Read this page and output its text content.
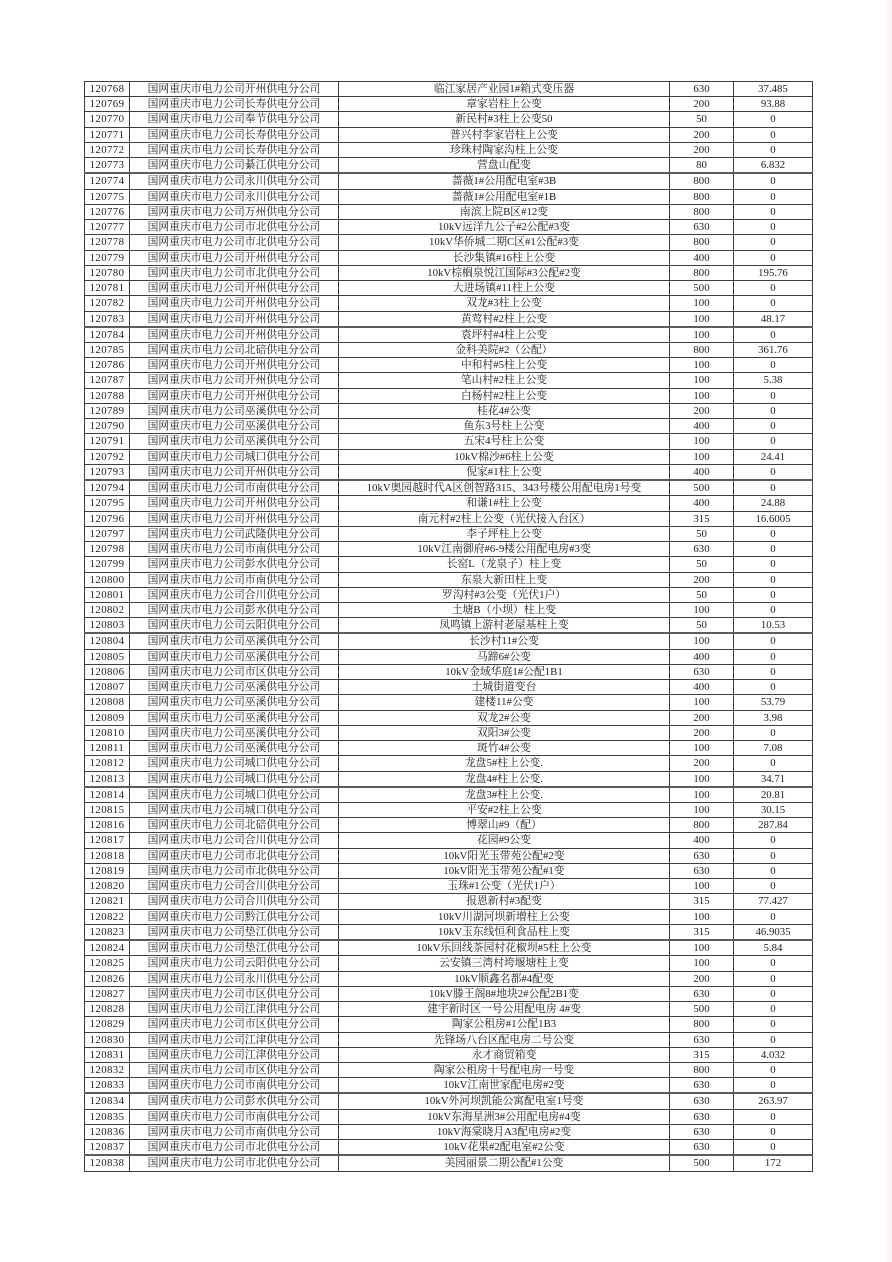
120768	国网重庆市电力公司开州供电分公司	临江家居产业园1#箱式变压器	630	37.485
120769	国网重庆市电力公司长寿供电分公司	章家岩柱上公变	200	93.88
120770	国网重庆市电力公司奉节供电分公司	新民村#3柱上公变50	50	0
120771	国网重庆市电力公司长寿供电分公司	普兴村李家岩柱上公变	200	0
120772	国网重庆市电力公司长寿供电分公司	珍珠村陶家沟柱上公变	200	0
120773	国网重庆市电力公司綦江供电分公司	营盘山配变	80	6.832
120774	国网重庆市电力公司永川供电分公司	蔷薇1#公用配电室#3B	800	0
120775	国网重庆市电力公司永川供电分公司	蔷薇1#公用配电室#1B	800	0
120776	国网重庆市电力公司万州供电分公司	南滨上院B区#12变	800	0
120777	国网重庆市电力公司市北供电分公司	10kV远洋九公子#2公配#3变	630	0
120778	国网重庆市电力公司市北供电分公司	10kV华侨城二期C区#1公配#3变	800	0
120779	国网重庆市电力公司开州供电分公司	长沙集镇#16柱上公变	400	0
120780	国网重庆市电力公司市北供电分公司	10kV棕榈泉悦江国际#3公配#2变	800	195.76
120781	国网重庆市电力公司开州供电分公司	大进场镇#11柱上公变	500	0
120782	国网重庆市电力公司开州供电分公司	双龙#3柱上公变	100	0
120783	国网重庆市电力公司开州供电分公司	黄莺村#2柱上公变	100	48.17
120784	国网重庆市电力公司开州供电分公司	袁坪村#4柱上公变	100	0
120785	国网重庆市电力公司北碚供电分公司	金科美院#2（公配）	800	361.76
120786	国网重庆市电力公司开州供电分公司	中和村#5柱上公变	100	0
120787	国网重庆市电力公司开州供电分公司	笔山村#2柱上公变	100	5.38
120788	国网重庆市电力公司开州供电分公司	白杨村#2柱上公变	100	0
120789	国网重庆市电力公司巫溪供电分公司	桂花4#公变	200	0
120790	国网重庆市电力公司巫溪供电分公司	鱼东3号柱上公变	400	0
120791	国网重庆市电力公司巫溪供电分公司	五宋4号柱上公变	100	0
120792	国网重庆市电力公司城口供电分公司	10kV棉沙#6柱上公变	100	24.41
120793	国网重庆市电力公司开州供电分公司	倪家#1柱上公变	400	0
120794	国网重庆市电力公司市南供电分公司	10kV奥园越时代A区创智路315、343号楼公用配电房1号变	500	0
120795	国网重庆市电力公司开州供电分公司	和谦1#柱上公变	400	24.88
120796	国网重庆市电力公司开州供电分公司	南元村#2柱上公变（光伏接入台区）	315	16.6005
120797	国网重庆市电力公司武隆供电分公司	李子坪柱上公变	50	0
120798	国网重庆市电力公司市南供电分公司	10kV江南御府#6-9楼公用配电房#3变	630	0
120799	国网重庆市电力公司彭水供电分公司	长窑L（龙泉子）柱上变	50	0
120800	国网重庆市电力公司市南供电分公司	东泉大新田柱上变	200	0
120801	国网重庆市电力公司合川供电分公司	罗沟村#3公变（光伏1户）	50	0
120802	国网重庆市电力公司彭水供电分公司	土塘B（小坝）柱上变	100	0
120803	国网重庆市电力公司云阳供电分公司	凤鸣镇上游村老屋基柱上变	50	10.53
120804	国网重庆市电力公司巫溪供电分公司	长沙村11#公变	100	0
120805	国网重庆市电力公司巫溪供电分公司	马蹄6#公变	400	0
120806	国网重庆市电力公司市区供电分公司	10kV金域华庭1#公配1B1	630	0
120807	国网重庆市电力公司巫溪供电分公司	土城街道变台	400	0
120808	国网重庆市电力公司巫溪供电分公司	建楼11#公变	100	53.79
120809	国网重庆市电力公司巫溪供电分公司	双龙2#公变	200	3.98
120810	国网重庆市电力公司巫溪供电分公司	双阳3#公变	200	0
120811	国网重庆市电力公司巫溪供电分公司	斑竹4#公变	100	7.08
120812	国网重庆市电力公司城口供电分公司	龙盘5#柱上公变.	200	0
120813	国网重庆市电力公司城口供电分公司	龙盘4#柱上公变.	100	34.71
120814	国网重庆市电力公司城口供电分公司	龙盘3#柱上公变.	100	20.81
120815	国网重庆市电力公司城口供电分公司	平安#2柱上公变	100	30.15
120816	国网重庆市电力公司北碚供电分公司	博翠山#9（配）	800	287.84
120817	国网重庆市电力公司合川供电分公司	花园#9公变	400	0
120818	国网重庆市电力公司市北供电分公司	10kV阳光玉带苑公配#2变	630	0
120819	国网重庆市电力公司市北供电分公司	10kV阳光玉带苑公配#1变	630	0
120820	国网重庆市电力公司合川供电分公司	玉珠#1公变（光伏1户）	100	0
120821	国网重庆市电力公司合川供电分公司	报恩新村#3配变	315	77.427
120822	国网重庆市电力公司黔江供电分公司	10kV川湖河坝新增柱上公变	100	0
120823	国网重庆市电力公司垫江供电分公司	10kV玉东线恒利食品柱上变	315	46.9035
120824	国网重庆市电力公司垫江供电分公司	10kV乐回线茶园村花椒坝#5柱上公变	100	5.84
120825	国网重庆市电力公司云阳供电分公司	云安镇三湾村垮堰塘柱上变	100	0
120826	国网重庆市电力公司永川供电分公司	10kV顺鑫名都#4配变	200	0
120827	国网重庆市电力公司市区供电分公司	10kV滕王阁8#地块2#公配2B1变	630	0
120828	国网重庆市电力公司江津供电分公司	建宇新时区一号公用配电房 4#变	500	0
120829	国网重庆市电力公司市区供电分公司	陶家公租房#1公配1B3	800	0
120830	国网重庆市电力公司江津供电分公司	先锋场八台区配电房二号公变	630	0
120831	国网重庆市电力公司江津供电分公司	永才商贸箱变	315	4.032
120832	国网重庆市电力公司市区供电分公司	陶家公租房十号配电房一号变	800	0
120833	国网重庆市电力公司市南供电分公司	10kV江南世家配电房#2变	630	0
120834	国网重庆市电力公司彭水供电分公司	10kV外河坝凯能公寓配电室1号变	630	263.97
120835	国网重庆市电力公司市南供电分公司	10kV东海星洲3#公用配电房#4变	630	0
120836	国网重庆市电力公司市南供电分公司	10kV海棠晓月A3配电房#2变	630	0
120837	国网重庆市电力公司市北供电分公司	10kV花果#2配电室#2公变	630	0
120838	国网重庆市电力公司市北供电分公司	美园丽景二期公配#1公变	500	172
